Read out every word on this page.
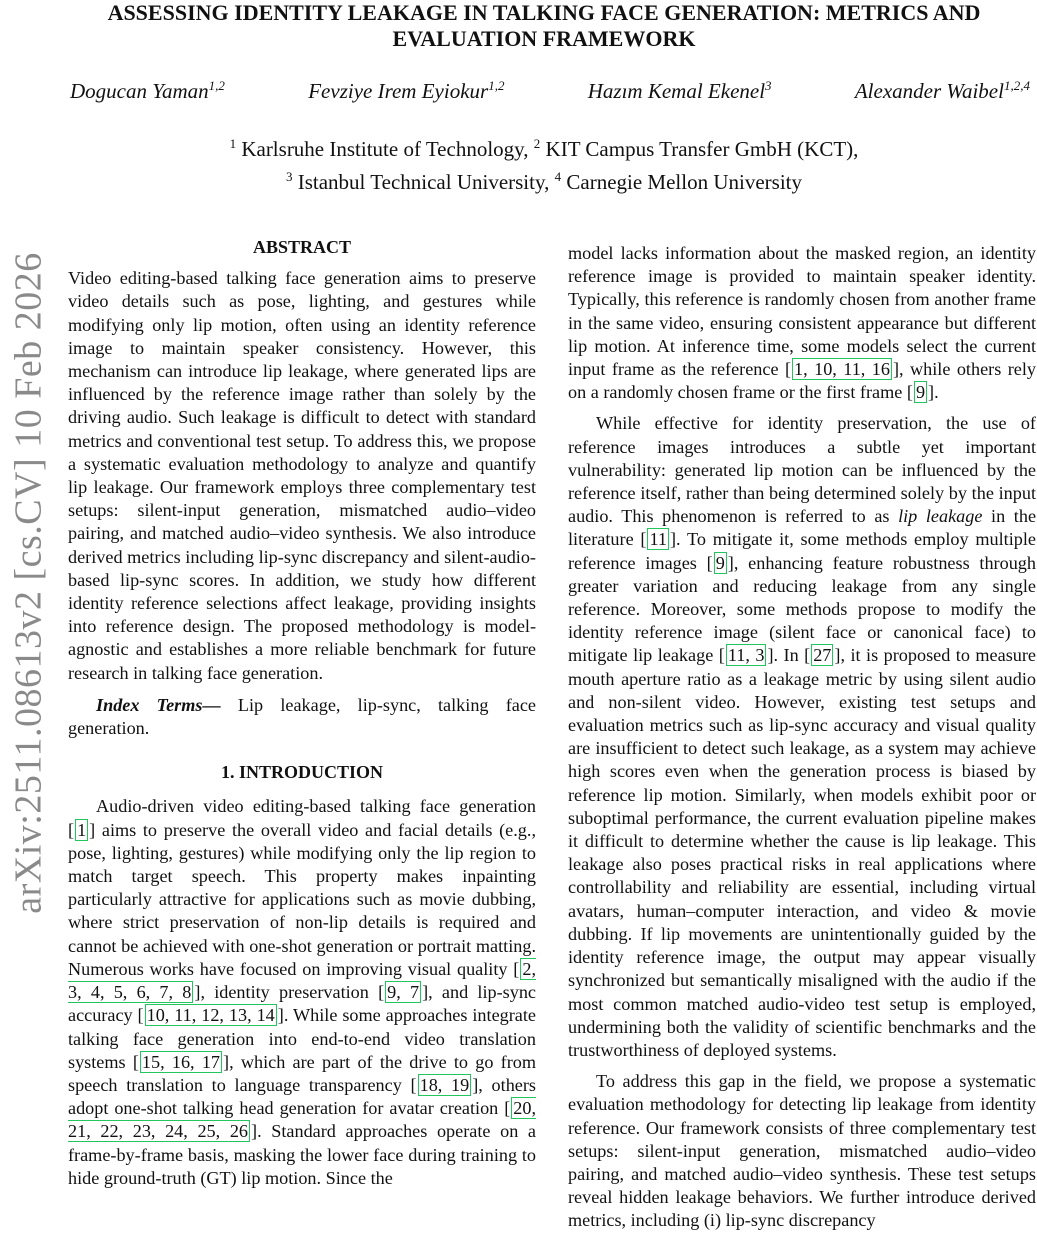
arXiv:2511.08613v2 [cs.CV] 10 Feb 2026
ASSESSING IDENTITY LEAKAGE IN TALKING FACE GENERATION: METRICS AND EVALUATION FRAMEWORK
Dogucan Yaman$^{1,2}$	Fevziye Irem Eyiokur$^{1,2}$	Hazım Kemal Ekenel$^3$	Alexander Waibel$^{1,2,4}$
$^1$ Karlsruhe Institute of Technology, $^2$ KIT Campus Transfer GmbH (KCT),
$^3$ Istanbul Technical University, $^4$ Carnegie Mellon University
ABSTRACT

Video editing-based talking face generation aims to preserve video details such as pose, lighting, and gestures while modifying only lip motion, often using an identity reference image to maintain speaker consistency. However, this mechanism can introduce lip leakage, where generated lips are influenced by the reference image rather than solely by the driving audio. Such leakage is difficult to detect with standard metrics and conventional test setup. To address this, we propose a systematic evaluation methodology to analyze and quantify lip leakage. Our framework employs three complementary test setups: silent-input generation, mismatched audio–video pairing, and matched audio–video synthesis. We also introduce derived metrics including lip-sync discrepancy and silent-audio-based lip-sync scores. In addition, we study how different identity reference selections affect leakage, providing insights into reference design. The proposed methodology is model-agnostic and establishes a more reliable benchmark for future research in talking face generation.

Index Terms— Lip leakage, lip-sync, talking face generation.

1. INTRODUCTION

Audio-driven video editing-based talking face generation [ 1 ] aims to preserve the overall video and facial details (e.g., pose, lighting, gestures) while modifying only the lip region to match target speech. This property makes inpainting particularly attractive for applications such as movie dubbing, where strict preservation of non-lip details is required and cannot be achieved with one-shot generation or portrait matting. Numerous works have focused on improving visual quality [ 2, 3, 4, 5, 6, 7, 8 ], identity preservation [ 9, 7 ], and lip-sync accuracy [ 10, 11, 12, 13, 14 ]. While some approaches integrate talking face generation into end-to-end video translation systems [ 15, 16, 17 ], which are part of the drive to go from speech translation to language transparency [ 18, 19 ], others adopt one-shot talking head generation for avatar creation [ 20, 21, 22, 23, 24, 25, 26 ]. Standard approaches operate on a frame-by-frame basis, masking the lower face during training to hide ground-truth (GT) lip motion. Since the

model lacks information about the masked region, an identity reference image is provided to maintain speaker identity. Typically, this reference is randomly chosen from another frame in the same video, ensuring consistent appearance but different lip motion. At inference time, some models select the current input frame as the reference [ 1, 10, 11, 16 ], while others rely on a randomly chosen frame or the first frame [ 9 ].

While effective for identity preservation, the use of reference images introduces a subtle yet important vulnerability: generated lip motion can be influenced by the reference itself, rather than being determined solely by the input audio. This phenomenon is referred to as lip leakage in the literature [ 11 ]. To mitigate it, some methods employ multiple reference images [ 9 ], enhancing feature robustness through greater variation and reducing leakage from any single reference. Moreover, some methods propose to modify the identity reference image (silent face or canonical face) to mitigate lip leakage [ 11, 3 ]. In [ 27 ], it is proposed to measure mouth aperture ratio as a leakage metric by using silent audio and non-silent video. However, existing test setups and evaluation metrics such as lip-sync accuracy and visual quality are insufficient to detect such leakage, as a system may achieve high scores even when the generation process is biased by reference lip motion. Similarly, when models exhibit poor or suboptimal performance, the current evaluation pipeline makes it difficult to determine whether the cause is lip leakage. This leakage also poses practical risks in real applications where controllability and reliability are essential, including virtual avatars, human–computer interaction, and video & movie dubbing. If lip movements are unintentionally guided by the identity reference image, the output may appear visually synchronized but semantically misaligned with the audio if the most common matched audio-video test setup is employed, undermining both the validity of scientific benchmarks and the trustworthiness of deployed systems.

To address this gap in the field, we propose a systematic evaluation methodology for detecting lip leakage from identity reference. Our framework consists of three complementary test setups: silent-input generation, mismatched audio–video pairing, and matched audio–video synthesis. These test setups reveal hidden leakage behaviors. We further introduce derived metrics, including (i) lip-sync discrepancy
